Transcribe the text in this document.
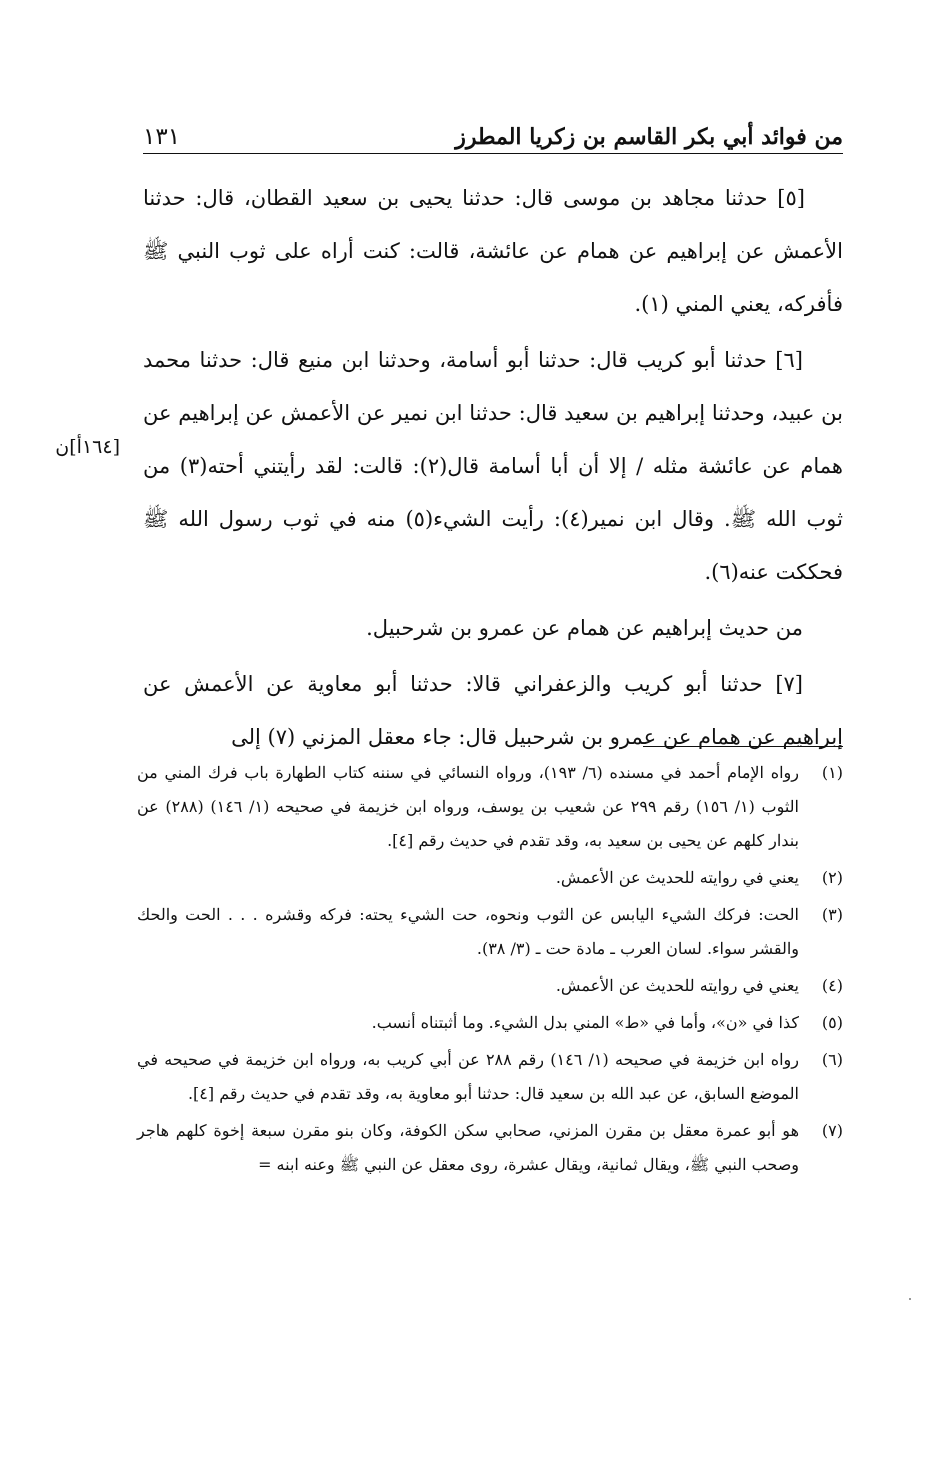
من فوائد أبي بكر القاسم بن زكريا المطرز
١٣١

[٥] حدثنا مجاهد بن موسى قال: حدثنا يحيى بن سعيد القطان، قال: حدثنا الأعمش عن إبراهيم عن همام عن عائشة، قالت: كنت أراه على ثوب النبي ﷺ فأفركه، يعني المني (١).

[٦] حدثنا أبو كريب قال: حدثنا أبو أسامة، وحدثنا ابن منيع قال: حدثنا محمد بن عبيد، وحدثنا إبراهيم بن سعيد قال: حدثنا ابن نمير عن الأعمش عن إبراهيم عن همام عن عائشة مثله / إلا أن أبا أسامة قال(٢): قالت: لقد رأيتني أحته(٣) من ثوب الله ﷺ. وقال ابن نمير(٤): رأيت الشيء(٥) منه في ثوب رسول الله ﷺ فحككت عنه(٦).

من حديث إبراهيم عن همام عن عمرو بن شرحبيل.

[٧] حدثنا أبو كريب والزعفراني قالا: حدثنا أبو معاوية عن الأعمش عن إبراهيم عن همام عن عمرو بن شرحبيل قال: جاء معقل المزني (٧) إلى

[١٦٤أ]ن
(١)
رواه الإمام أحمد في مسنده (٦/ ١٩٣)، ورواه النسائي في سننه كتاب الطهارة باب فرك المني من الثوب (١/ ١٥٦) رقم ٢٩٩ عن شعيب بن يوسف، ورواه ابن خزيمة في صحيحه (١/ ١٤٦) (٢٨٨) عن بندار كلهم عن يحيى بن سعيد به، وقد تقدم في حديث رقم [٤].
(٢)
يعني في روايته للحديث عن الأعمش.
(٣)
الحت: فركك الشيء اليابس عن الثوب ونحوه، حت الشيء يحته: فركه وقشره . . . الحت والحك والقشر سواء. لسان العرب ـ مادة حت ـ (٣/ ٣٨).
(٤)
يعني في روايته للحديث عن الأعمش.
(٥)
كذا في «ن»، وأما في «ط» المني بدل الشيء. وما أثبتناه أنسب.
(٦)
رواه ابن خزيمة في صحيحه (١/ ١٤٦) رقم ٢٨٨ عن أبي كريب به، ورواه ابن خزيمة في صحيحه في الموضع السابق، عن عبد الله بن سعيد قال: حدثنا أبو معاوية به، وقد تقدم في حديث رقم [٤].
(٧)
هو أبو عمرة معقل بن مقرن المزني، صحابي سكن الكوفة، وكان بنو مقرن سبعة إخوة كلهم هاجر وصحب النبي ﷺ، ويقال ثمانية، ويقال عشرة، روى معقل عن النبي ﷺ وعنه ابنه =
